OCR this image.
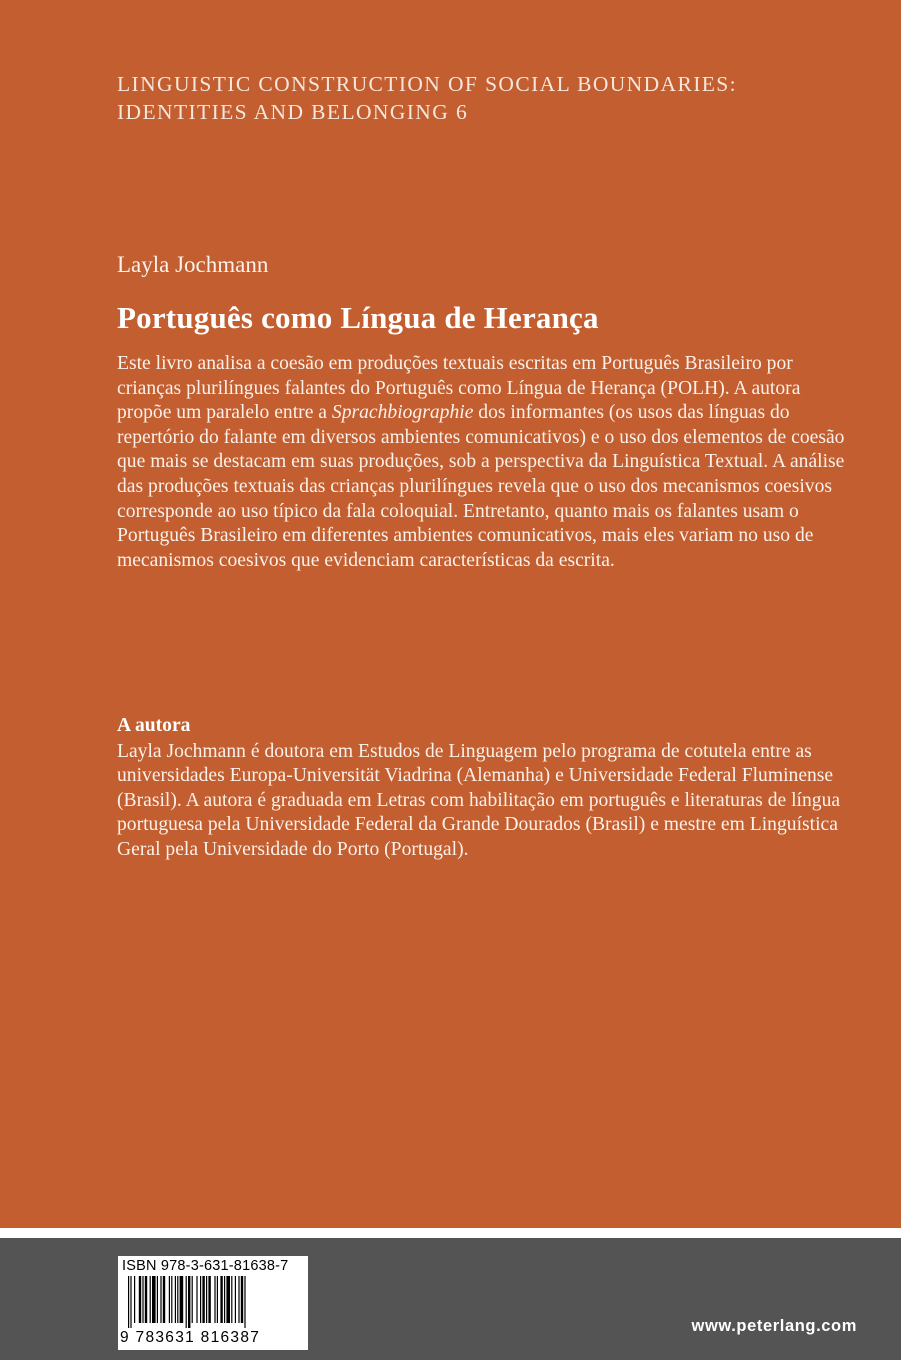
LINGUISTIC CONSTRUCTION OF SOCIAL BOUNDARIES:
IDENTITIES AND BELONGING 6
Layla Jochmann
Português como Língua de Herança

Este livro analisa a coesão em produções textuais escritas em Português Brasileiro por crianças plurilíngues falantes do Português como Língua de Herança (POLH). A autora propõe um paralelo entre a Sprachbiographie dos informantes (os usos das línguas do repertório do falante em diversos ambientes comunicativos) e o uso dos elementos de coesão que mais se destacam em suas produções, sob a perspectiva da Linguística Textual. A análise das produções textuais das crianças plurilíngues revela que o uso dos mecanismos coesivos corresponde ao uso típico da fala coloquial. Entretanto, quanto mais os falantes usam o Português Brasileiro em diferentes ambientes comunicativos, mais eles variam no uso de mecanismos coesivos que evidenciam características da escrita.

A autora

Layla Jochmann é doutora em Estudos de Linguagem pelo programa de cotutela entre as universidades Europa-Universität Viadrina (Alemanha) e Universidade Federal Fluminense (Brasil). A autora é graduada em Letras com habilitação em português e literaturas de língua portuguesa pela Universidade Federal da Grande Dourados (Brasil) e mestre em Linguística Geral pela Universidade do Porto (Portugal).

ISBN 978-3-631-81638-7
9 783631 816387
www.peterlang.com
